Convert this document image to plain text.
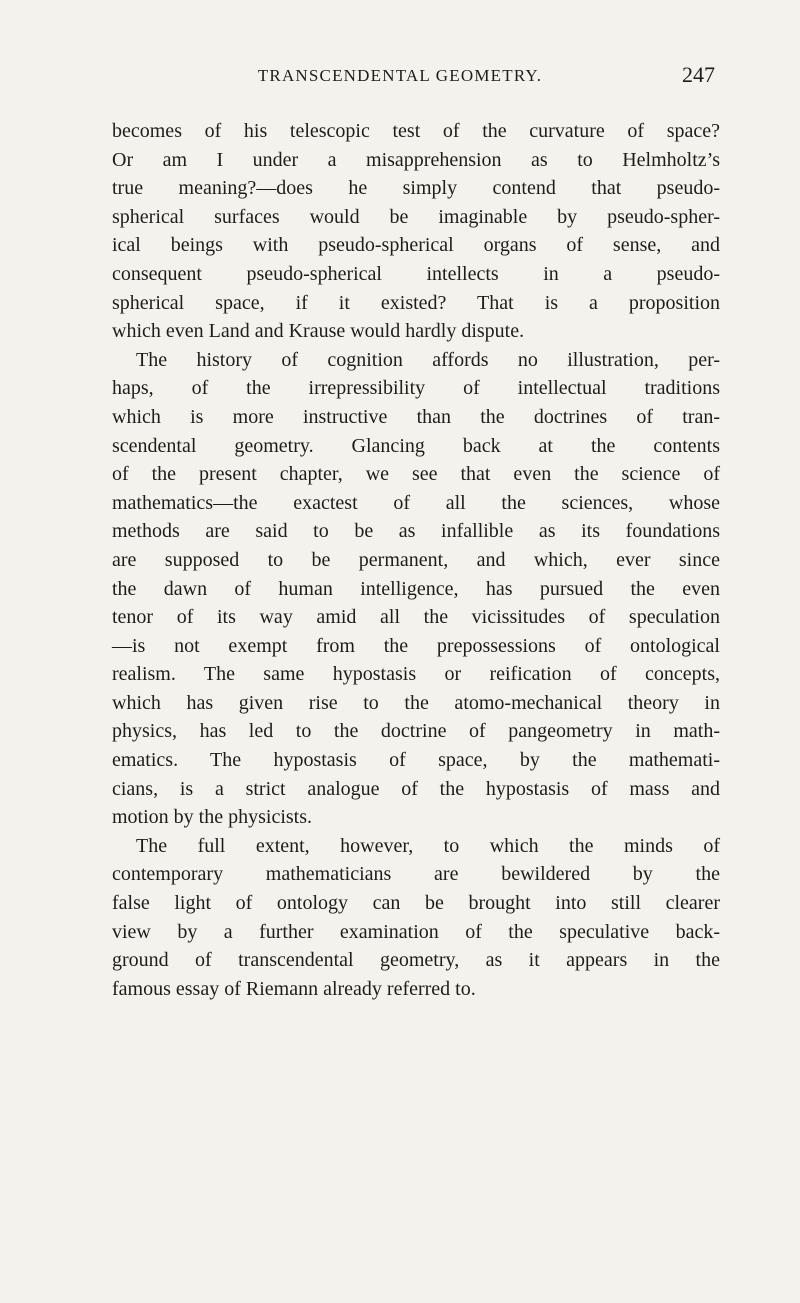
TRANSCENDENTAL GEOMETRY.	247
becomes of his telescopic test of the curvature of space?
Or am I under a misapprehension as to Helmholtz’s
true meaning?—does he simply contend that pseudo-
spherical surfaces would be imaginable by pseudo-spher-
ical beings with pseudo-spherical organs of sense, and
consequent pseudo-spherical intellects in a pseudo-
spherical space, if it existed? That is a proposition
which even Land and Krause would hardly dispute.
The history of cognition affords no illustration, per-
haps, of the irrepressibility of intellectual traditions
which is more instructive than the doctrines of tran-
scendental geometry. Glancing back at the contents
of the present chapter, we see that even the science of
mathematics—the exactest of all the sciences, whose
methods are said to be as infallible as its foundations
are supposed to be permanent, and which, ever since
the dawn of human intelligence, has pursued the even
tenor of its way amid all the vicissitudes of speculation
—is not exempt from the prepossessions of ontological
realism. The same hypostasis or reification of concepts,
which has given rise to the atomo-mechanical theory in
physics, has led to the doctrine of pangeometry in math-
ematics. The hypostasis of space, by the mathemati-
cians, is a strict analogue of the hypostasis of mass and
motion by the physicists.
The full extent, however, to which the minds of
contemporary mathematicians are bewildered by the
false light of ontology can be brought into still clearer
view by a further examination of the speculative back-
ground of transcendental geometry, as it appears in the
famous essay of Riemann already referred to.
